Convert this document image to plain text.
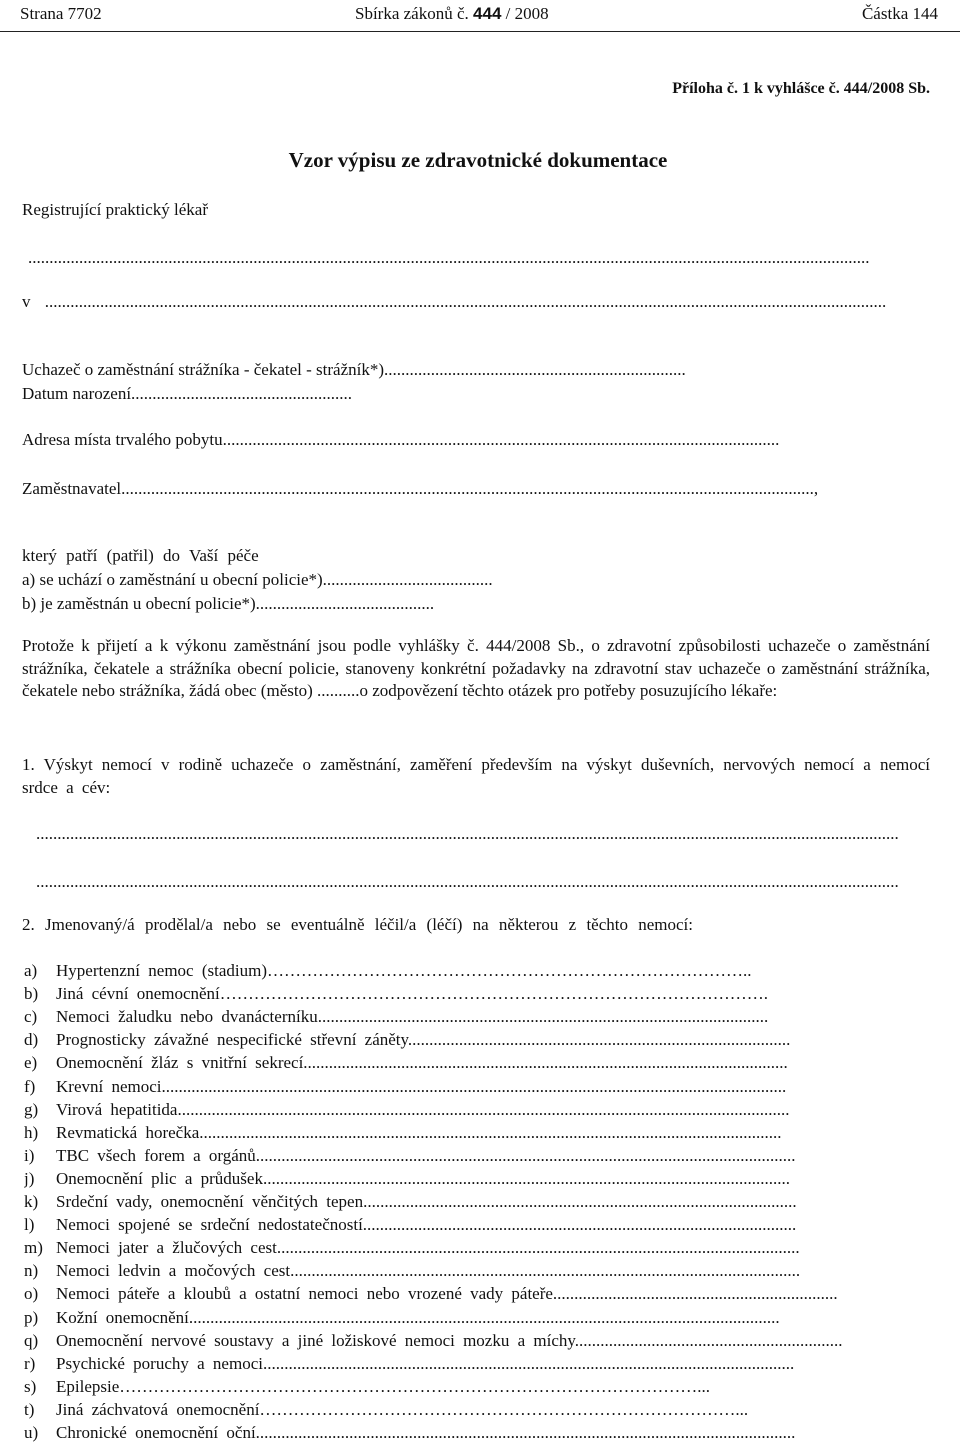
Strana 7702	Sbírka zákonů č. 444 / 2008	Částka 144
Příloha č. 1 k vyhlášce č. 444/2008 Sb.
Vzor výpisu ze zdravotnické dokumentace
Registrující praktický lékař
......................................................................................................................................................................................................
v ......................................................................................................................................................................................................
Uchazeč o zaměstnání strážníka - čekatel - strážník*).......................................................................
Datum narození....................................................
Adresa místa trvalého pobytu...................................................................................................................................
Zaměstnavatel...................................................................................................................................................................,
který patří (patřil) do Vaší péče
a) se uchází o zaměstnání u obecní policie*)........................................
b) je zaměstnán u obecní policie*)..........................................
Protože k přijetí a k výkonu zaměstnání jsou podle vyhlášky č. 444/2008 Sb., o zdravotní způsobilosti uchazeče o zaměstnání strážníka, čekatele a strážníka obecní policie, stanoveny konkrétní požadavky na zdravotní stav uchazeče o zaměstnání strážníka, čekatele nebo strážníka, žádá obec (město) ..........o zodpovězení těchto otázek pro potřeby posuzujícího lékaře:
1. Výskyt nemocí v rodině uchazeče o zaměstnání, zaměření především na výskyt duševních, nervových nemocí a nemocí srdce a cév:
...........................................................................................................................................................................................................
...........................................................................................................................................................................................................
2. Jmenovaný/á prodělal/a nebo se eventuálně léčil/a (léčí) na některou z těchto nemocí:
a) Hypertenzní nemoc (stadium)…………………………………………………………………………..
b) Jiná cévní onemocnění…………………………………………………………………………………….
c) Nemoci žaludku nebo dvanácterníku..........................................................................................................
d) Prognosticky závažné nespecifické střevní záněty..........................................................................................
e) Onemocnění žláz s vnitřní sekrecí..................................................................................................................
f) Krevní nemoci...................................................................................................................................................
g) Virová hepatitida................................................................................................................................................
h) Revmatická horečka.........................................................................................................................................
i) TBC všech forem a orgánů...............................................................................................................................
j) Onemocnění plic a průdušek............................................................................................................................
k) Srdeční vady, onemocnění věnčitých tepen......................................................................................................
l) Nemoci spojené se srdeční nedostatečností......................................................................................................
m) Nemoci jater a žlučových cest...........................................................................................................................
n) Nemoci ledvin a močových cest........................................................................................................................
o) Nemoci páteře a kloubů a ostatní nemoci nebo vrozené vady páteře...................................................................
p) Kožní onemocnění...........................................................................................................................................
q) Onemocnění nervové soustavy a jiné ložiskové nemoci mozku a míchy...............................................................
r) Psychické poruchy a nemoci.............................................................................................................................
s) Epilepsie…………………………………………………………………………………………...
t) Jiná záchvatová onemocnění…………………………………………………………………………...
u) Chronické onemocnění oční...............................................................................................................................
